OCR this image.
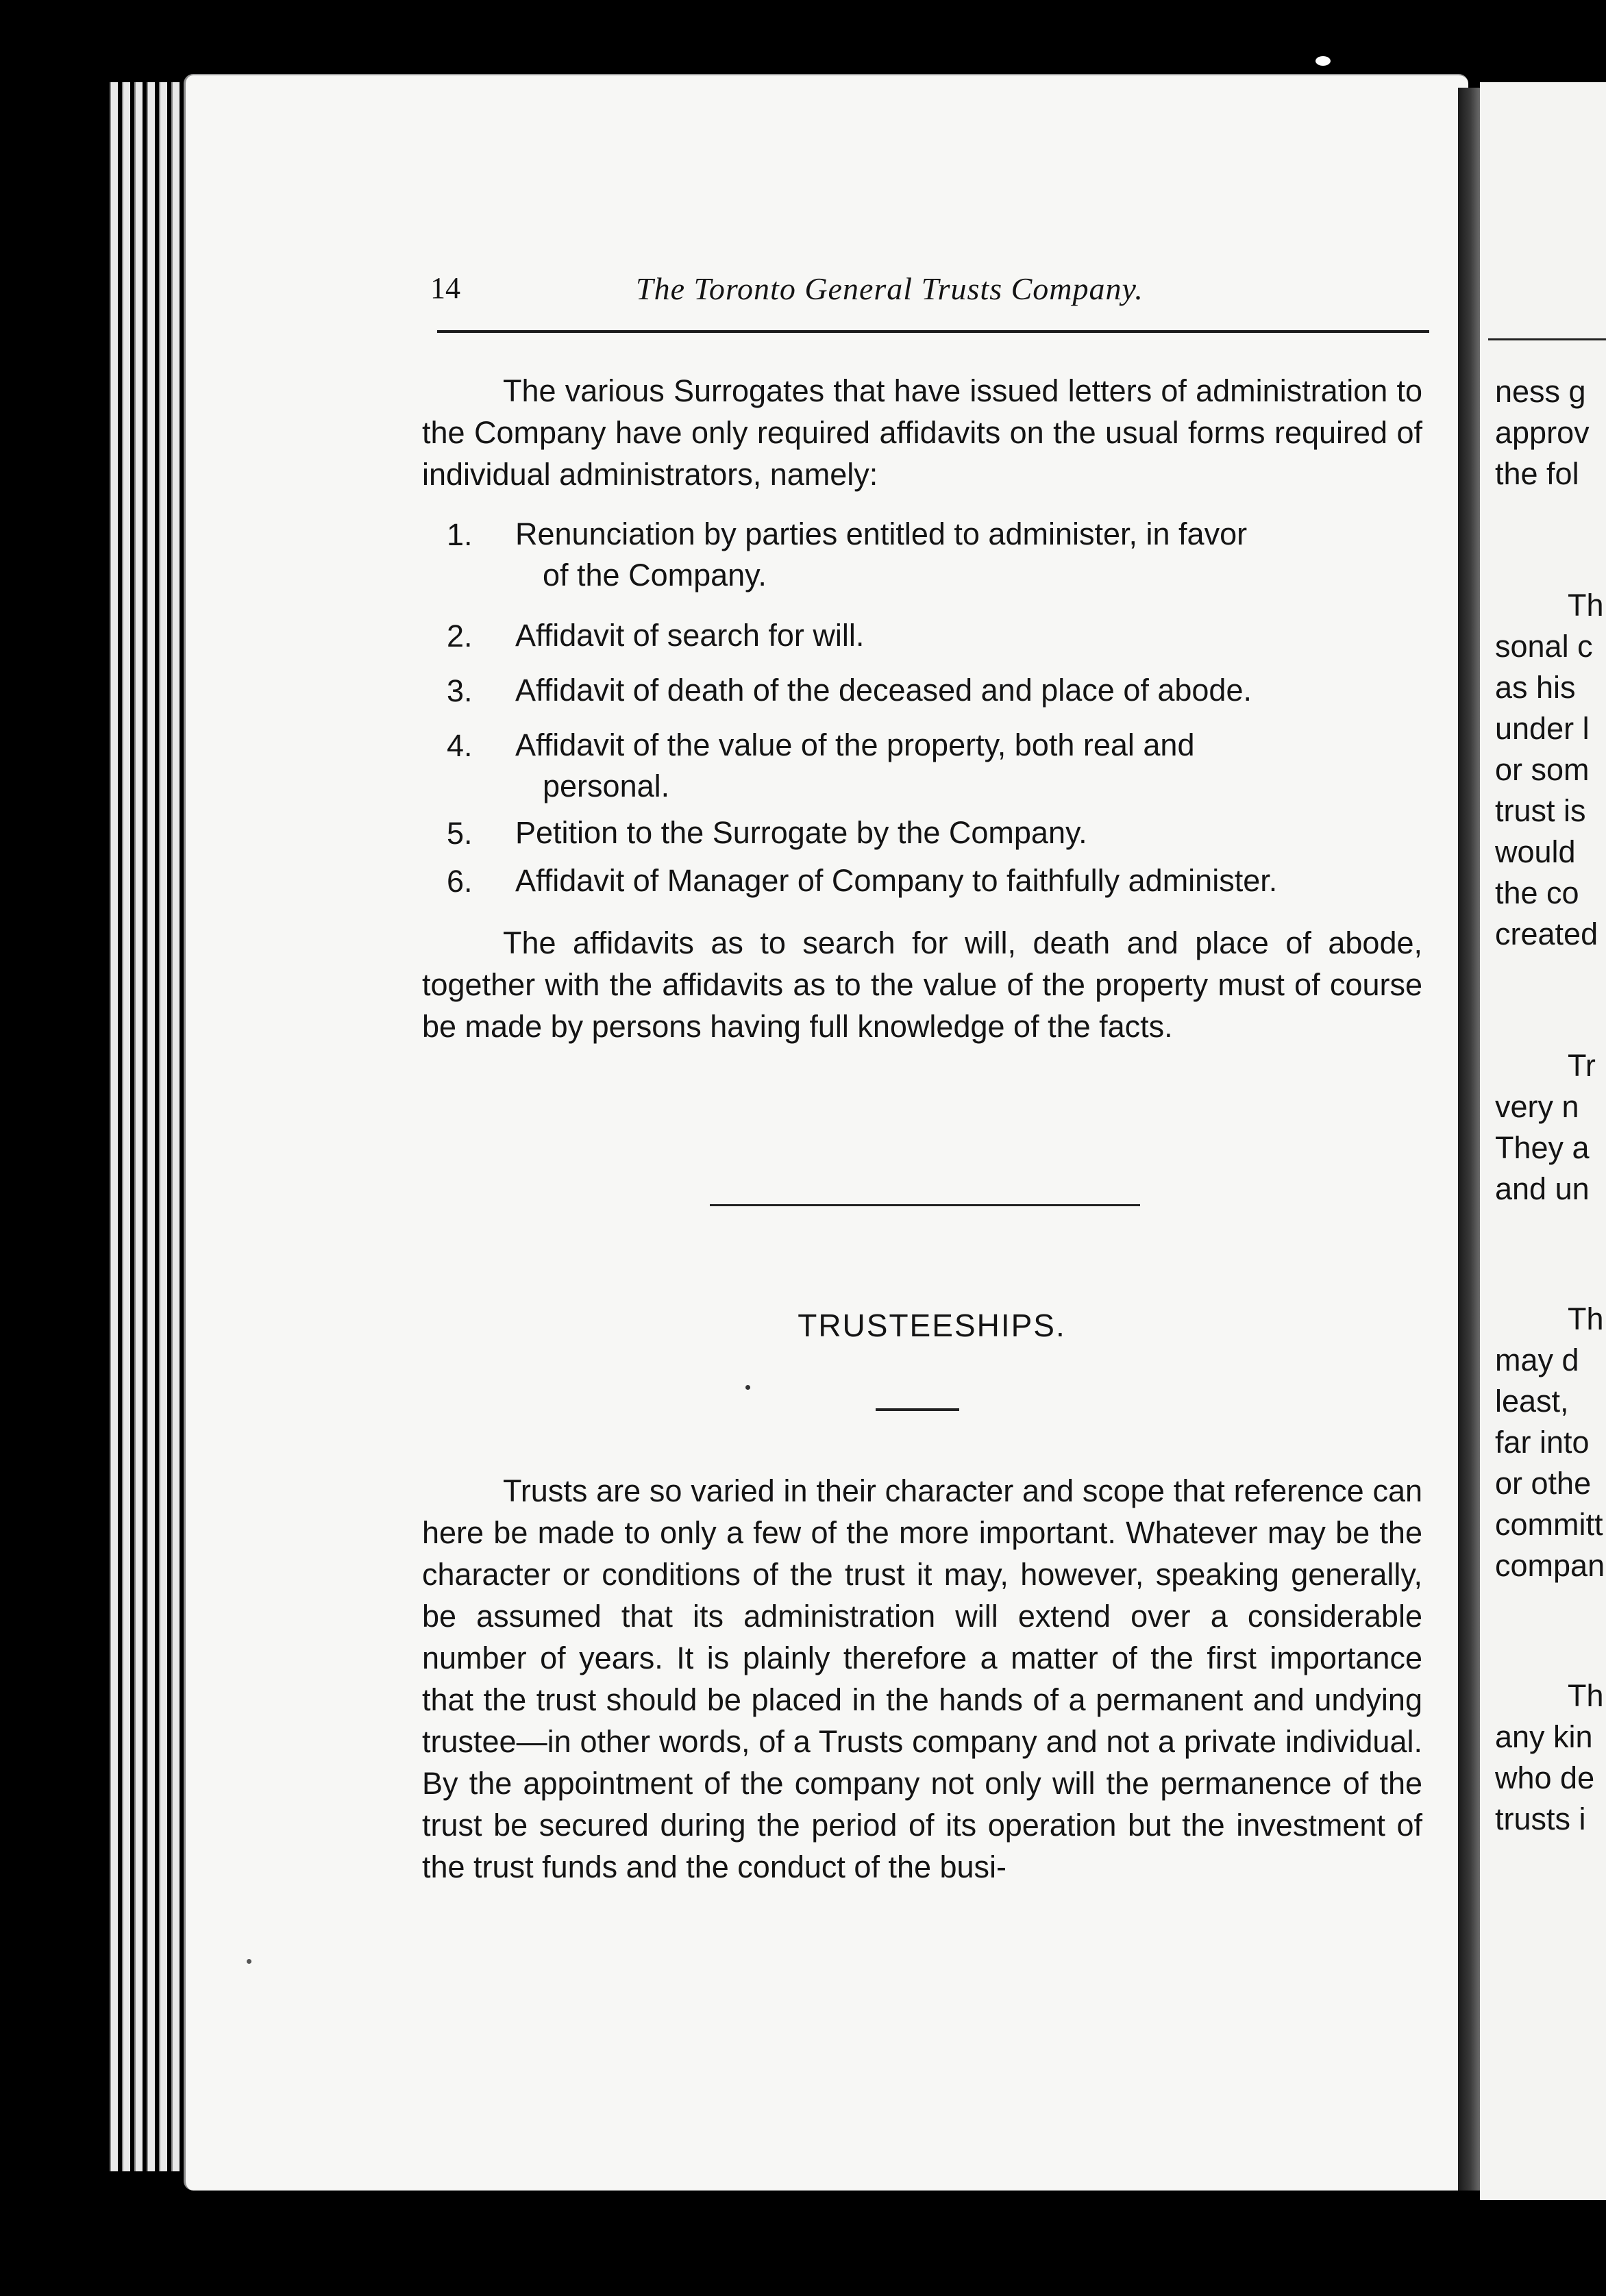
14	The Toronto General Trusts Company.

The various Surrogates that have issued letters of administration to the Company have only required affidavits on the usual forms required of individual administrators, namely:

1. Renunciation by parties entitled to administer, in favor
of the Company.
2. Affidavit of search for will.
3. Affidavit of death of the deceased and place of abode.
4. Affidavit of the value of the property, both real and
personal.
5. Petition to the Surrogate by the Company.
6. Affidavit of Manager of Company to faithfully administer.

The affidavits as to search for will, death and place of abode, together with the affidavits as to the value of the property must of course be made by persons having full knowledge of the facts.

TRUSTEESHIPS.

Trusts are so varied in their character and scope that reference can here be made to only a few of the more important. Whatever may be the character or conditions of the trust it may, however, speaking generally, be assumed that its administration will extend over a considerable number of years. It is plainly therefore a matter of the first importance that the trust should be placed in the hands of a permanent and undying trustee—in other words, of a Trusts company and not a private individual. By the appointment of the company not only will the permanence of the trust be secured during the period of its operation but the investment of the trust funds and the conduct of the busi-

ness g
approv
the fol
Th
sonal c
as his
under l
or som
trust is
would
the co
created
Tr
very n
They a
and un
Th
may d
least,
far into
or othe
committ
compan
Th
any kin
who de
trusts i
